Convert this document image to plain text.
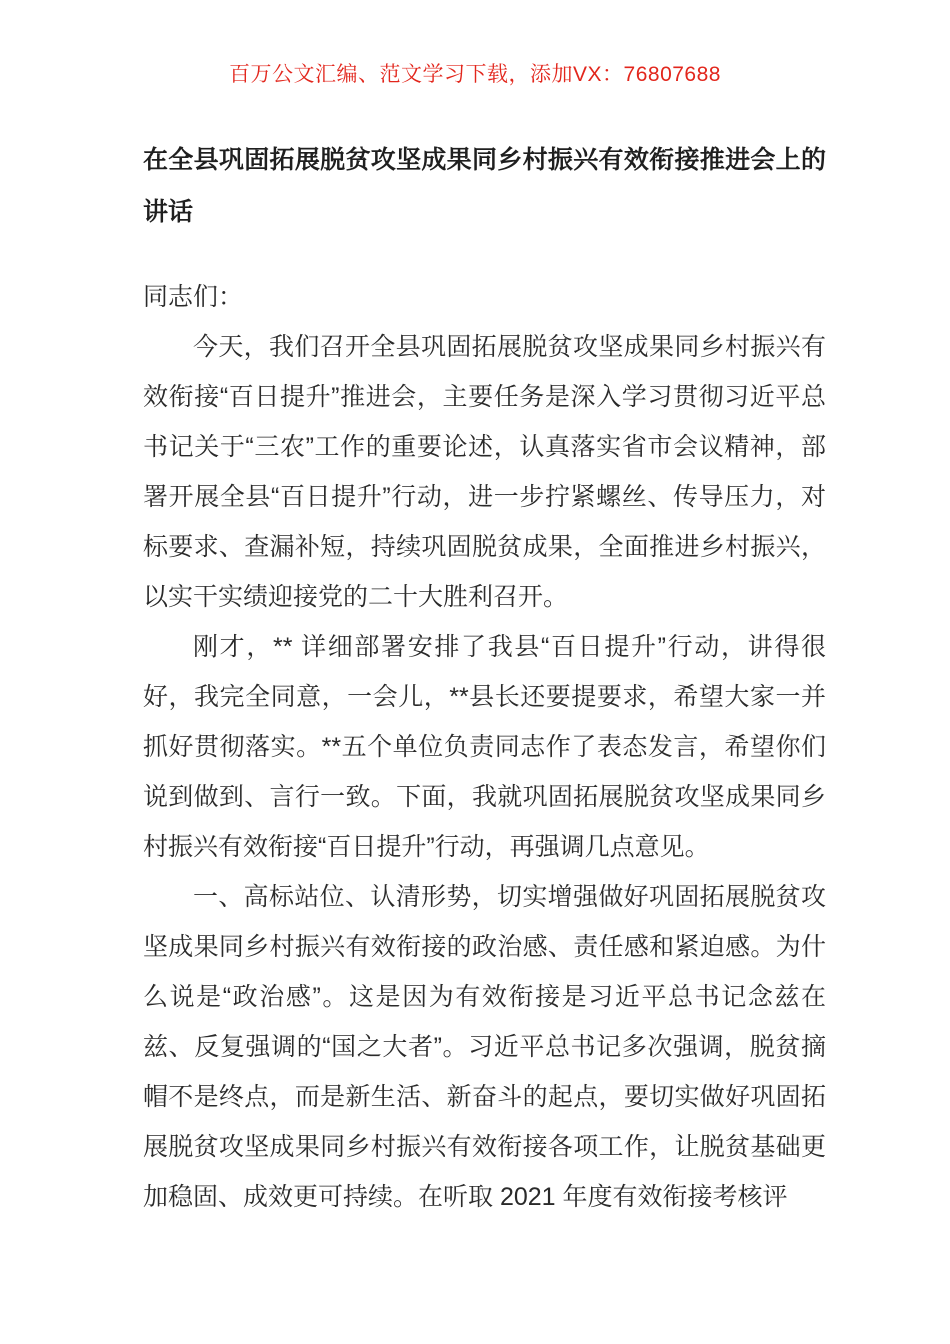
百万公文汇编、范文学习下载，添加VX：76807688
在全县巩固拓展脱贫攻坚成果同乡村振兴有效衔接推进会上的讲话

同志们：

今天，我们召开全县巩固拓展脱贫攻坚成果同乡村振兴有效衔接“百日提升”推进会，主要任务是深入学习贯彻习近平总书记关于“三农”工作的重要论述，认真落实省市会议精神，部署开展全县“百日提升”行动，进一步拧紧螺丝、传导压力，对标要求、查漏补短，持续巩固脱贫成果，全面推进乡村振兴，以实干实绩迎接党的二十大胜利召开。

刚才，** 详细部署安排了我县“百日提升”行动，讲得很好，我完全同意，一会儿，**县长还要提要求，希望大家一并抓好贯彻落实。**五个单位负责同志作了表态发言，希望你们说到做到、言行一致。下面，我就巩固拓展脱贫攻坚成果同乡村振兴有效衔接“百日提升”行动，再强调几点意见。

一、高标站位、认清形势，切实增强做好巩固拓展脱贫攻坚成果同乡村振兴有效衔接的政治感、责任感和紧迫感。为什么说是“政治感”。这是因为有效衔接是习近平总书记念兹在兹、反复强调的“国之大者”。习近平总书记多次强调，脱贫摘帽不是终点，而是新生活、新奋斗的起点，要切实做好巩固拓展脱贫攻坚成果同乡村振兴有效衔接各项工作，让脱贫基础更加稳固、成效更可持续。在听取 2021 年度有效衔接考核评
